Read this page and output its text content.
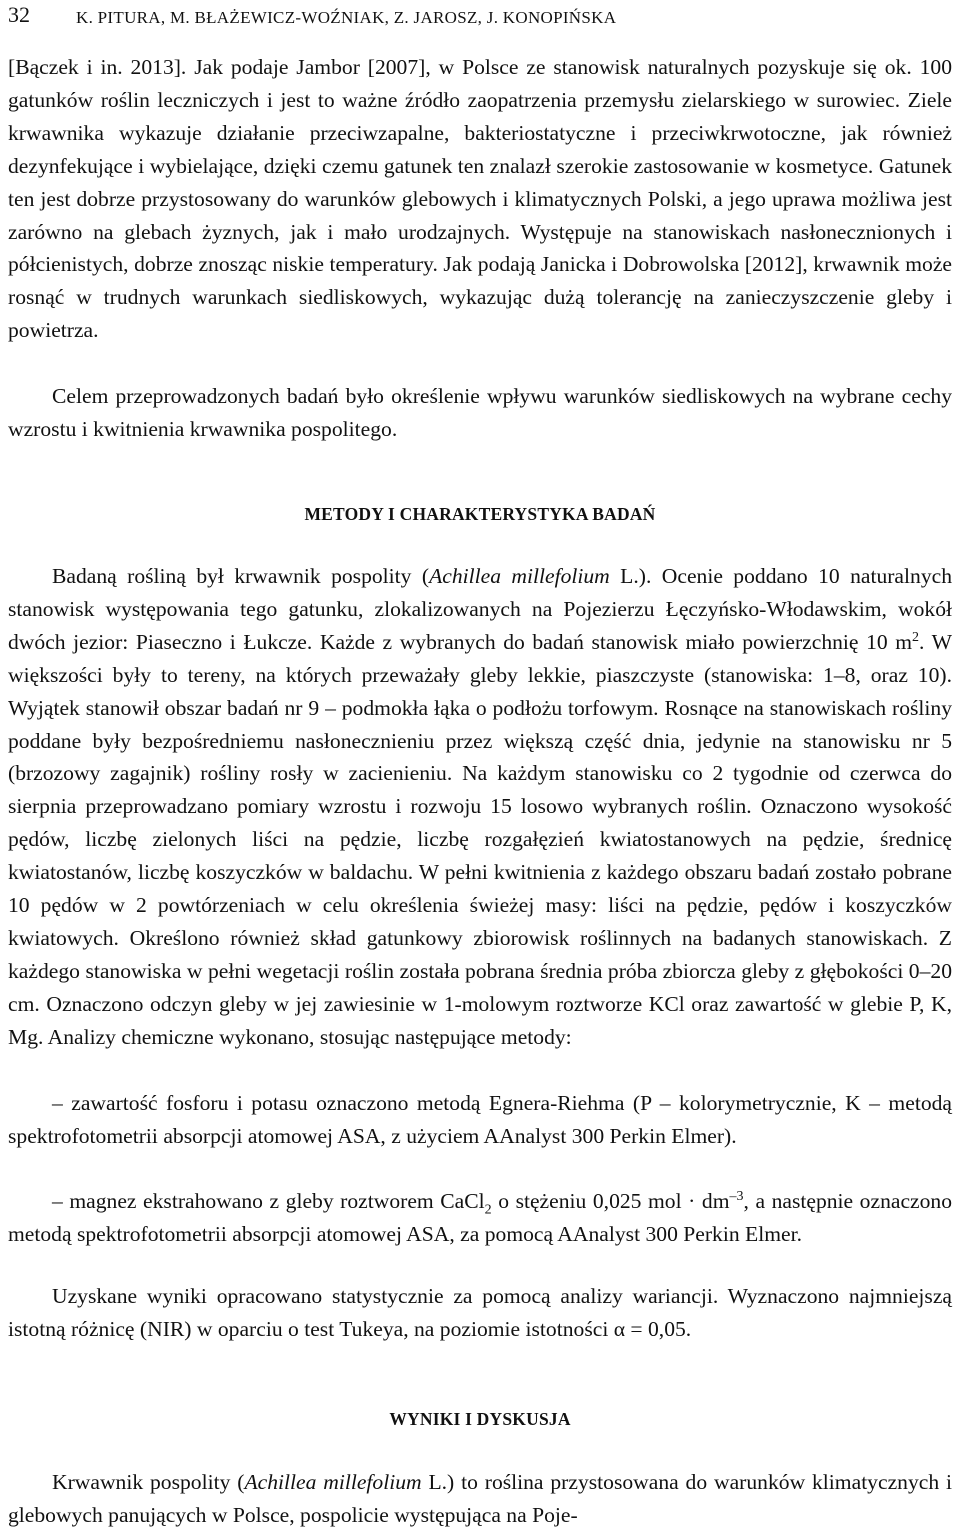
32	K. PITURA, M. BŁAŻEWICZ-WOŹNIAK, Z. JAROSZ, J. KONOPIŃSKA

[Bączek i in. 2013]. Jak podaje Jambor [2007], w Polsce ze stanowisk naturalnych pozyskuje się ok. 100 gatunków roślin leczniczych i jest to ważne źródło zaopatrzenia przemysłu zielarskiego w surowiec. Ziele krwawnika wykazuje działanie przeciwzapalne, bakteriostatyczne i przeciwkrwotoczne, jak również dezynfekujące i wybielające, dzięki czemu gatunek ten znalazł szerokie zastosowanie w kosmetyce. Gatunek ten jest dobrze przystosowany do warunków glebowych i klimatycznych Polski, a jego uprawa możliwa jest zarówno na glebach żyznych, jak i mało urodzajnych. Występuje na stanowiskach nasłonecznionych i półcienistych, dobrze znosząc niskie temperatury. Jak podają Janicka i Dobrowolska [2012], krwawnik może rosnąć w trudnych warunkach siedliskowych, wykazując dużą tolerancję na zanieczyszczenie gleby i powietrza.

Celem przeprowadzonych badań było określenie wpływu warunków siedliskowych na wybrane cechy wzrostu i kwitnienia krwawnika pospolitego.

METODY I CHARAKTERYSTYKA BADAŃ

Badaną rośliną był krwawnik pospolity (Achillea millefolium L.). Ocenie poddano 10 naturalnych stanowisk występowania tego gatunku, zlokalizowanych na Pojezierzu Łęczyńsko-Włodawskim, wokół dwóch jezior: Piaseczno i Łukcze. Każde z wybranych do badań stanowisk miało powierzchnię 10 $m^2$. W większości były to tereny, na których przeważały gleby lekkie, piaszczyste (stanowiska: 1–8, oraz 10). Wyjątek stanowił obszar badań nr 9 – podmokła łąka o podłożu torfowym. Rosnące na stanowiskach rośliny poddane były bezpośredniemu nasłonecznieniu przez większą część dnia, jedynie na stanowisku nr 5 (brzozowy zagajnik) rośliny rosły w zacienieniu. Na każdym stanowisku co 2 tygodnie od czerwca do sierpnia przeprowadzano pomiary wzrostu i rozwoju 15 losowo wybranych roślin. Oznaczono wysokość pędów, liczbę zielonych liści na pędzie, liczbę rozgałęzień kwiatostanowych na pędzie, średnicę kwiatostanów, liczbę koszyczków w baldachu. W pełni kwitnienia z każdego obszaru badań zostało pobrane 10 pędów w 2 powtórzeniach w celu określenia świeżej masy: liści na pędzie, pędów i koszyczków kwiatowych. Określono również skład gatunkowy zbiorowisk roślinnych na badanych stanowiskach. Z każdego stanowiska w pełni wegetacji roślin została pobrana średnia próba zbiorcza gleby z głębokości 0–20 cm. Oznaczono odczyn gleby w jej zawiesinie w 1-molowym roztworze KCl oraz zawartość w glebie P, K, Mg. Analizy chemiczne wykonano, stosując następujące metody:

– zawartość fosforu i potasu oznaczono metodą Egnera-Riehma (P – kolorymetrycznie, K – metodą spektrofotometrii absorpcji atomowej ASA, z użyciem AAnalyst 300 Perkin Elmer).

– magnez ekstrahowano z gleby roztworem CaCl$_2$ o stężeniu 0,025 mol · $dm^{-3}$, a następnie oznaczono metodą spektrofotometrii absorpcji atomowej ASA, za pomocą AAnalyst 300 Perkin Elmer.

Uzyskane wyniki opracowano statystycznie za pomocą analizy wariancji. Wyznaczono najmniejszą istotną różnicę (NIR) w oparciu o test Tukeya, na poziomie istotności α = 0,05.

WYNIKI I DYSKUSJA

Krwawnik pospolity (Achillea millefolium L.) to roślina przystosowana do warunków klimatycznych i glebowych panujących w Polsce, pospolicie występująca na Poje-
